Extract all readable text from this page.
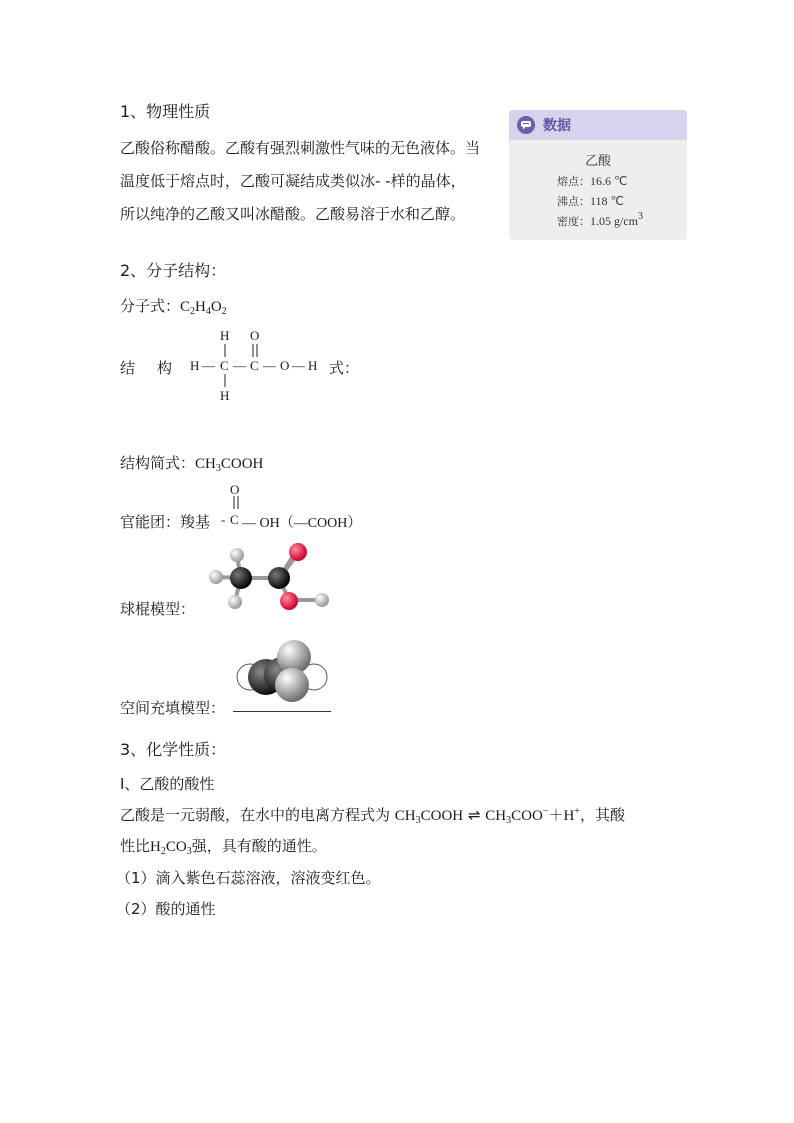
1、物理性质
乙酸俗称醋酸。乙酸有强烈刺激性气味的无色液体。当
温度低于熔点时，乙酸可凝结成类似冰- -样的晶体，
所以纯净的乙酸又叫冰醋酸。乙酸易溶于水和乙醇。
数据
乙酸
熔点：16.6 ℃
沸点：118 ℃
密度：1.05 $g/cm^3$
2、分子结构：
分子式：$C_2H_4O_2$
结 构	式：
H O
H — C — C — O — H
H
结构简式：$CH_3COOH$
官能团：羧基
O
- C — OH（—COOH）
球棍模型：
空间充填模型：
3、化学性质：
I、乙酸的酸性
乙酸是一元弱酸，在水中的电离方程式为 $CH_3COOH$ ⇌ $CH_3COO^-+H^+$，其酸
性比$H_2CO_3$强，具有酸的通性。
（1）滴入紫色石蕊溶液，溶液变红色。
（2）酸的通性
